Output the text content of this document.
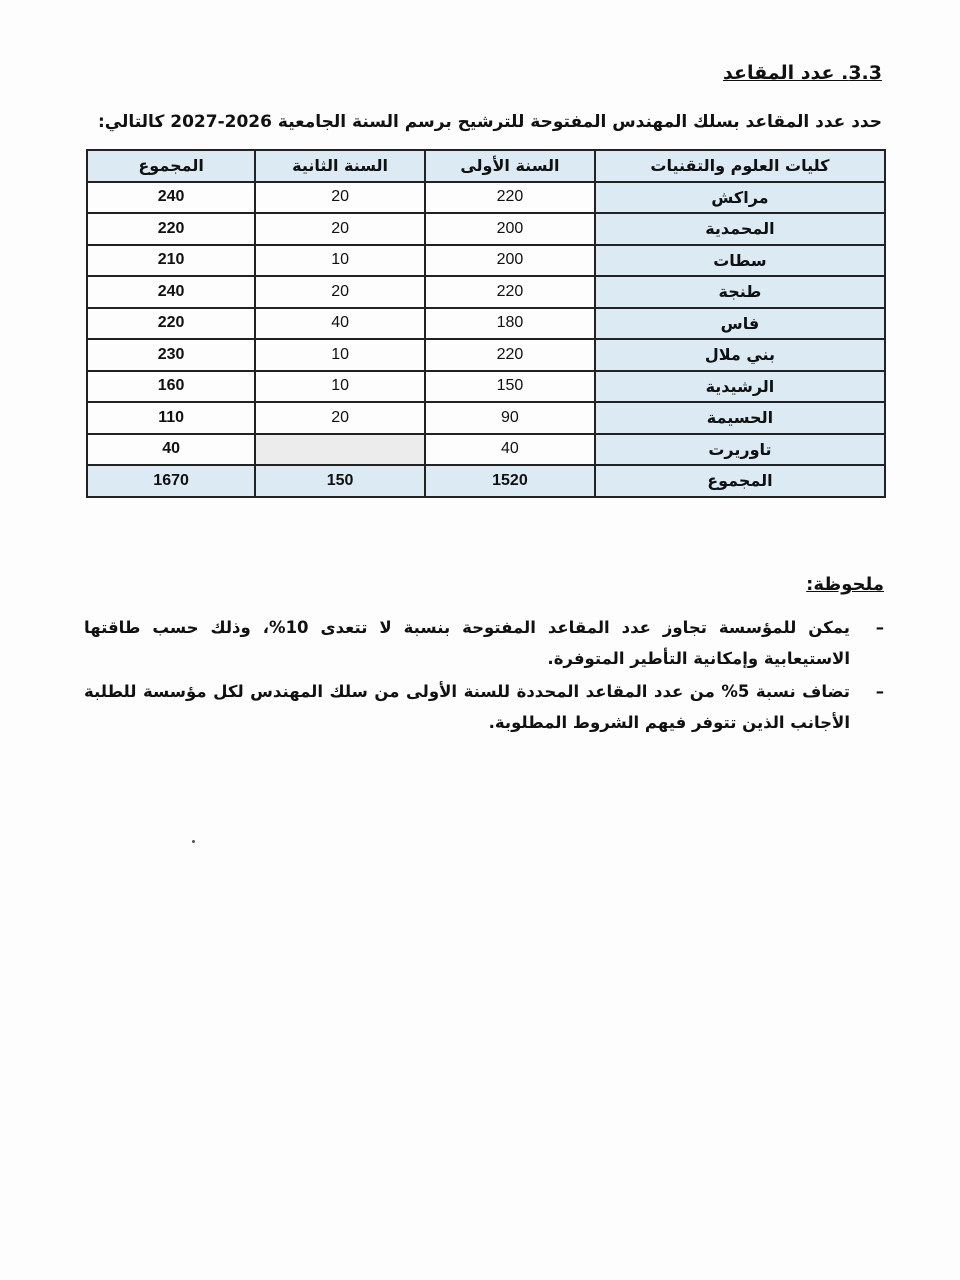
3.3. عدد المقاعد
حدد عدد المقاعد بسلك المهندس المفتوحة للترشيح برسم السنة الجامعية 2026-2027 كالتالي:
كليات العلوم والتقنيات	السنة الأولى	السنة الثانية	المجموع
مراكش	220	20	240
المحمدية	200	20	220
سطات	200	10	210
طنجة	220	20	240
فاس	180	40	220
بني ملال	220	10	230
الرشيدية	150	10	160
الحسيمة	90	20	110
تاوريرت	40		40
المجموع	1520	150	1670
ملحوظة:
–
يمكن للمؤسسة تجاوز عدد المقاعد المفتوحة بنسبة لا تتعدى 10%، وذلك حسب طاقتها الاستيعابية وإمكانية التأطير المتوفرة.
–
تضاف نسبة 5% من عدد المقاعد المحددة للسنة الأولى من سلك المهندس لكل مؤسسة للطلبة الأجانب الذين تتوفر فيهم الشروط المطلوبة.
